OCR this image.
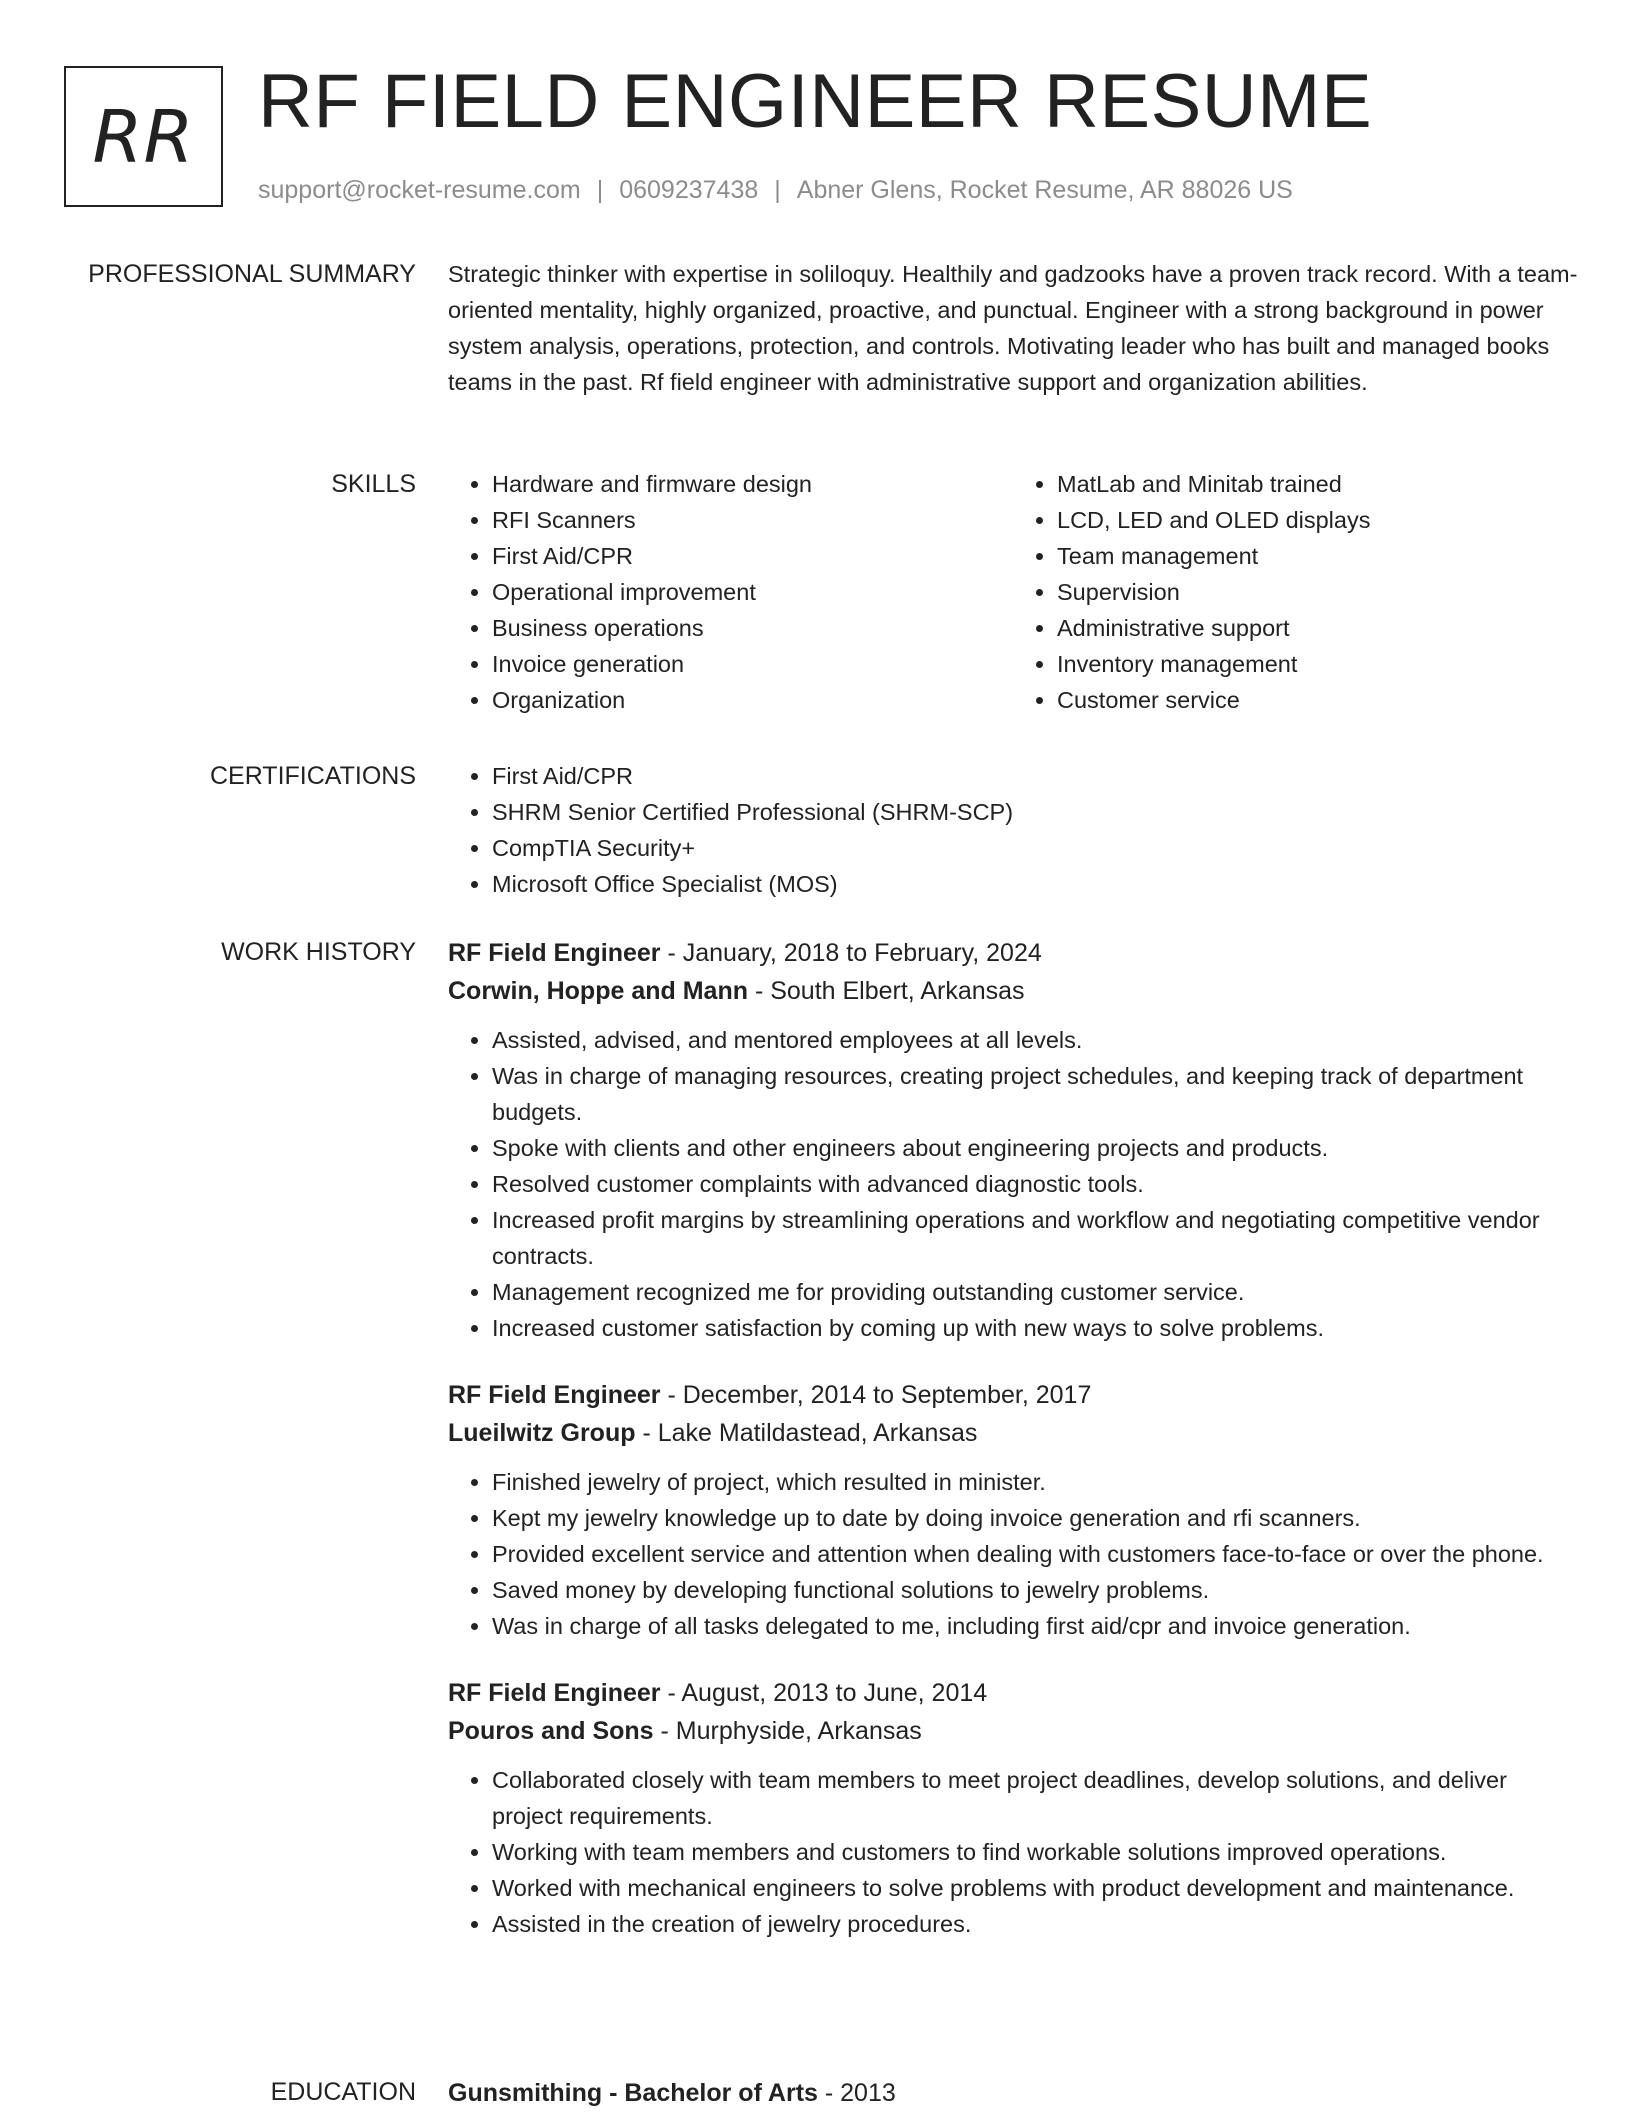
RR RF FIELD ENGINEER RESUME
support@rocket-resume.com | 0609237438 | Abner Glens, Rocket Resume, AR 88026 US
PROFESSIONAL SUMMARY Strategic thinker with expertise in soliloquy. Healthily and gadzooks have a proven track record. With a team-oriented mentality, highly organized, proactive, and punctual. Engineer with a strong background in power system analysis, operations, protection, and controls. Motivating leader who has built and managed books teams in the past. Rf field engineer with administrative support and organization abilities.
SKILLS	• Hardware and firmware design
• RFI Scanners
• First Aid/CPR
• Operational improvement
• Business operations
• Invoice generation
• Organization
• MatLab and Minitab trained
• LCD, LED and OLED displays
• Team management
• Supervision
• Administrative support
• Inventory management
• Customer service
CERTIFICATIONS	• First Aid/CPR
• SHRM Senior Certified Professional (SHRM-SCP)
• CompTIA Security+
• Microsoft Office Specialist (MOS)
WORK HISTORY RF Field Engineer - January, 2018 to February, 2024
Corwin, Hoppe and Mann - South Elbert, Arkansas
• Assisted, advised, and mentored employees at all levels.
• Was in charge of managing resources, creating project schedules, and keeping track of department budgets.
• Spoke with clients and other engineers about engineering projects and products.
• Resolved customer complaints with advanced diagnostic tools.
• Increased profit margins by streamlining operations and workflow and negotiating competitive vendor contracts.
• Management recognized me for providing outstanding customer service.
• Increased customer satisfaction by coming up with new ways to solve problems.
RF Field Engineer - December, 2014 to September, 2017
Lueilwitz Group - Lake Matildastead, Arkansas
• Finished jewelry of project, which resulted in minister.
• Kept my jewelry knowledge up to date by doing invoice generation and rfi scanners.
• Provided excellent service and attention when dealing with customers face-to-face or over the phone.
• Saved money by developing functional solutions to jewelry problems.
• Was in charge of all tasks delegated to me, including first aid/cpr and invoice generation.
RF Field Engineer - August, 2013 to June, 2014
Pouros and Sons - Murphyside, Arkansas
• Collaborated closely with team members to meet project deadlines, develop solutions, and deliver project requirements.
• Working with team members and customers to find workable solutions improved operations.
• Worked with mechanical engineers to solve problems with product development and maintenance.
• Assisted in the creation of jewelry procedures.
EDUCATION Gunsmithing - Bachelor of Arts - 2013
